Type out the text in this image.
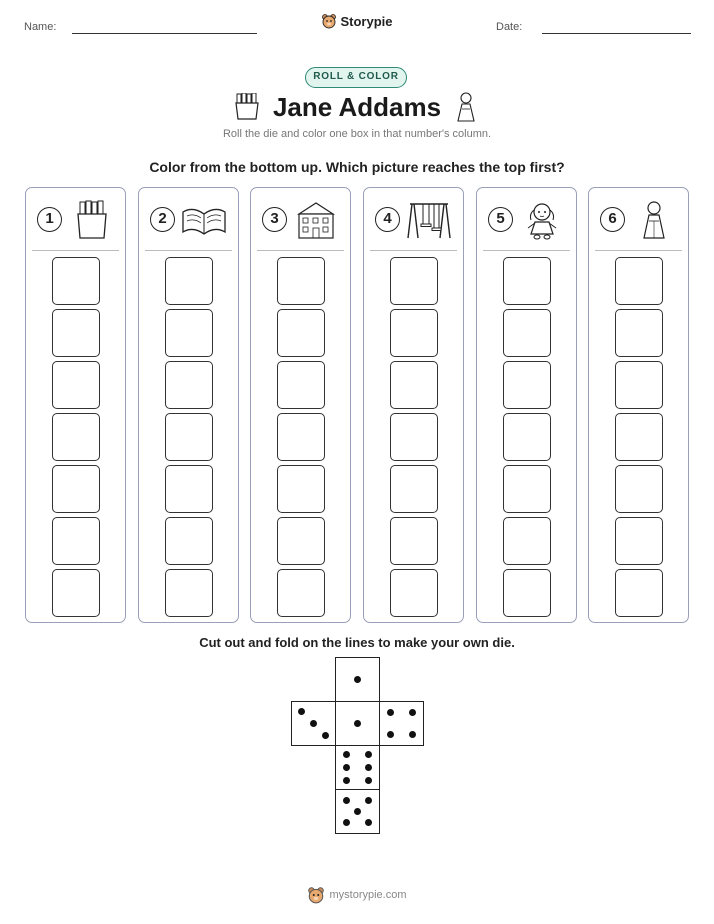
Name:	Storypie	Date:
ROLL & COLOR
Jane Addams
Roll the die and color one box in that number's column.
Color from the bottom up. Which picture reaches the top first?
1	2	3	4	5	6
Cut out and fold on the lines to make your own die.
mystorypie.com
